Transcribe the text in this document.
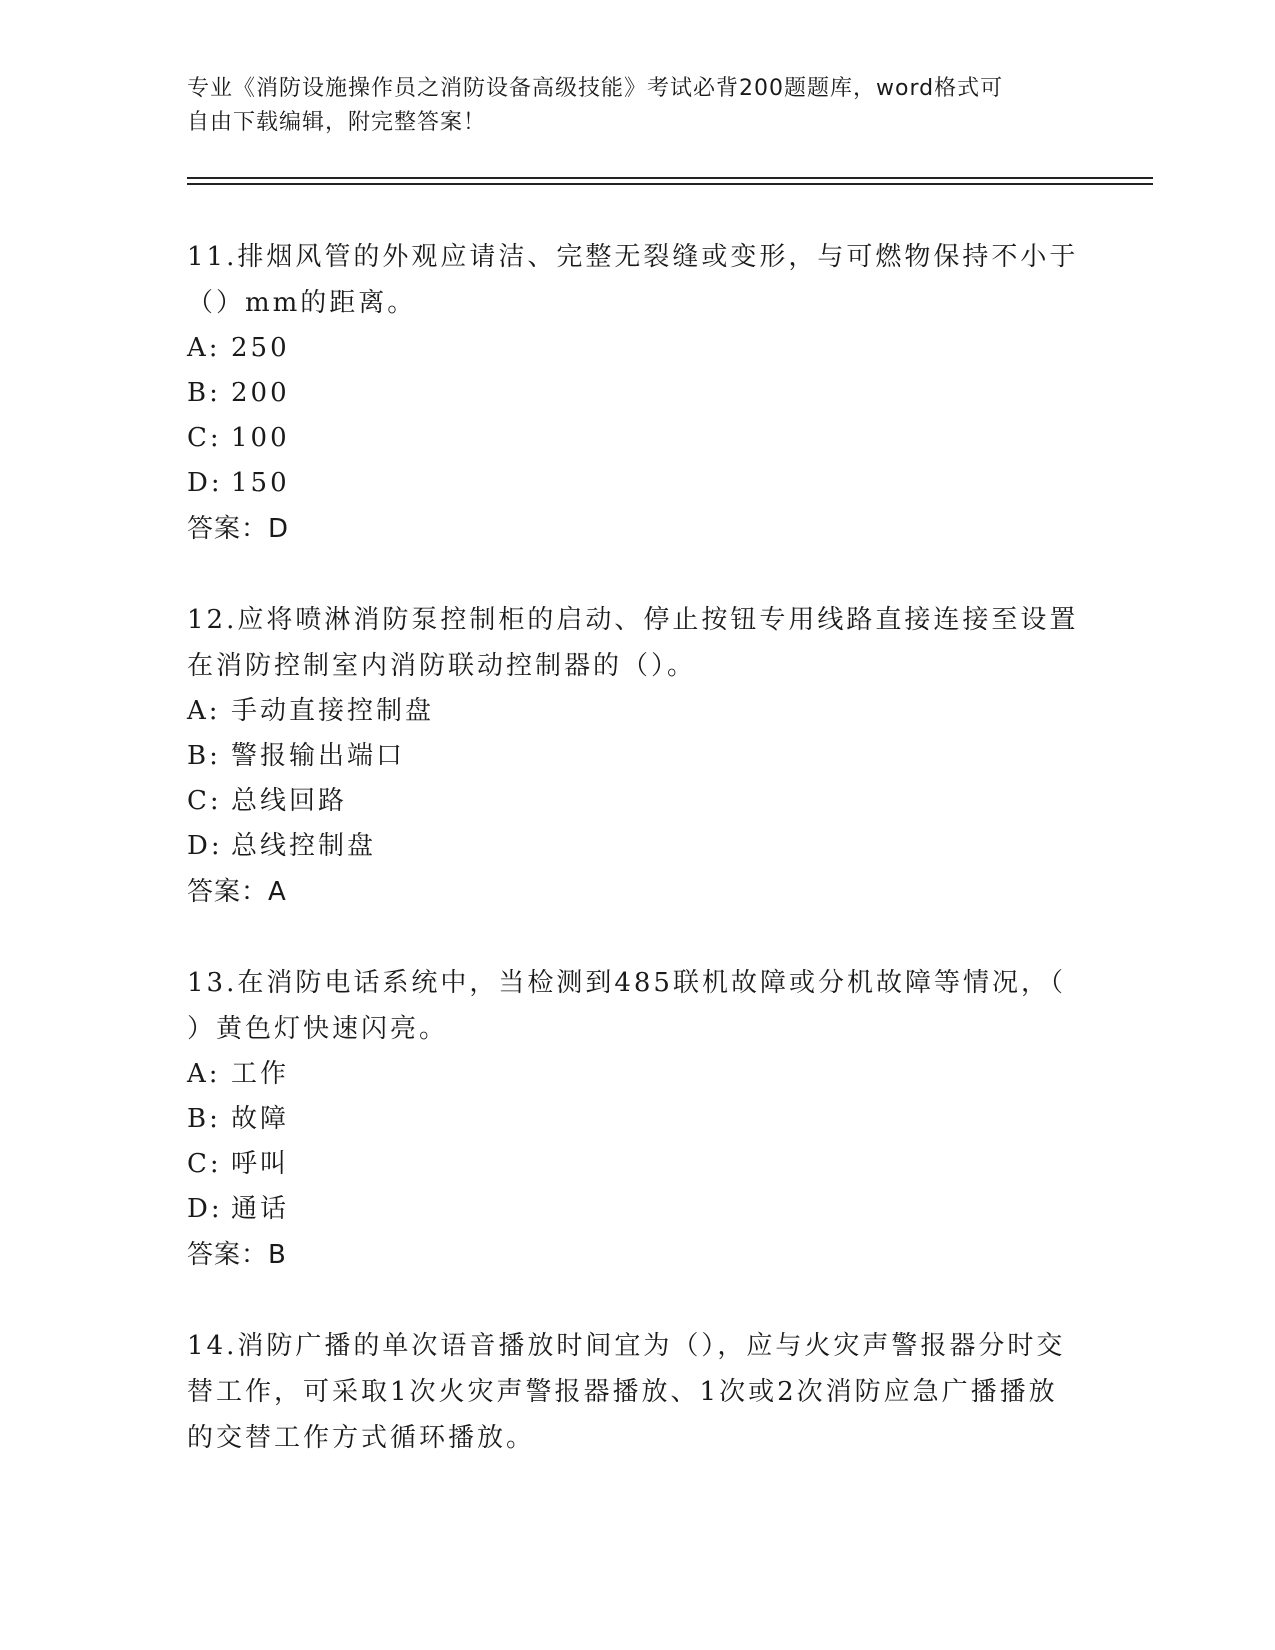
专业《消防设施操作员之消防设备高级技能》考试必背200题题库，word格式可
自由下载编辑，附完整答案！

11.排烟风管的外观应请洁、完整无裂缝或变形，与可燃物保持不小于

（）mm的距离。

A: 250

B: 200

C: 100

D: 150

答案：D

12.应将喷淋消防泵控制柜的启动、停止按钮专用线路直接连接至设置

在消防控制室内消防联动控制器的（）。

A: 手动直接控制盘

B: 警报输出端口

C: 总线回路

D: 总线控制盘

答案：A

13.在消防电话系统中，当检测到485联机故障或分机故障等情况，（

）黄色灯快速闪亮。

A: 工作

B: 故障

C: 呼叫

D: 通话

答案：B

14.消防广播的单次语音播放时间宜为（），应与火灾声警报器分时交

替工作，可采取1次火灾声警报器播放、1次或2次消防应急广播播放

的交替工作方式循环播放。
